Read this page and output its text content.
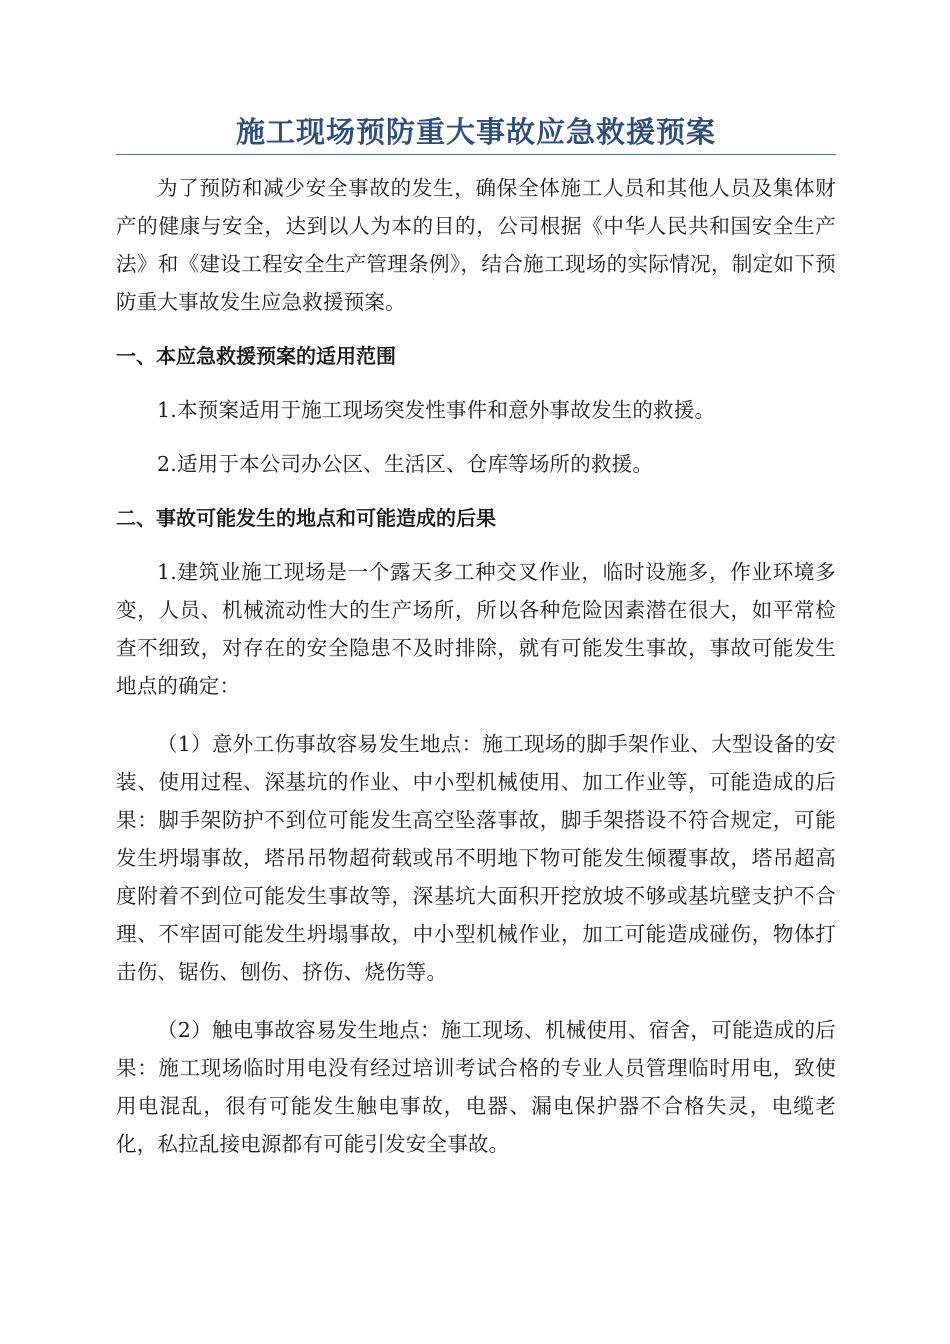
施工现场预防重大事故应急救援预案

为了预防和减少安全事故的发生，确保全体施工人员和其他人员及集体财产的健康与安全，达到以人为本的目的，公司根据《中华人民共和国安全生产法》和《建设工程安全生产管理条例》，结合施工现场的实际情况，制定如下预防重大事故发生应急救援预案。

一、本应急救援预案的适用范围

1.本预案适用于施工现场突发性事件和意外事故发生的救援。

2.适用于本公司办公区、生活区、仓库等场所的救援。

二、事故可能发生的地点和可能造成的后果

1.建筑业施工现场是一个露天多工种交叉作业，临时设施多，作业环境多变，人员、机械流动性大的生产场所，所以各种危险因素潜在很大，如平常检查不细致，对存在的安全隐患不及时排除，就有可能发生事故，事故可能发生地点的确定：

（1）意外工伤事故容易发生地点：施工现场的脚手架作业、大型设备的安装、使用过程、深基坑的作业、中小型机械使用、加工作业等，可能造成的后果：脚手架防护不到位可能发生高空坠落事故，脚手架搭设不符合规定，可能发生坍塌事故，塔吊吊物超荷载或吊不明地下物可能发生倾覆事故，塔吊超高度附着不到位可能发生事故等，深基坑大面积开挖放坡不够或基坑壁支护不合理、不牢固可能发生坍塌事故，中小型机械作业，加工可能造成碰伤，物体打击伤、锯伤、刨伤、挤伤、烧伤等。

（2）触电事故容易发生地点：施工现场、机械使用、宿舍，可能造成的后果：施工现场临时用电没有经过培训考试合格的专业人员管理临时用电，致使用电混乱，很有可能发生触电事故，电器、漏电保护器不合格失灵，电缆老化，私拉乱接电源都有可能引发安全事故。
